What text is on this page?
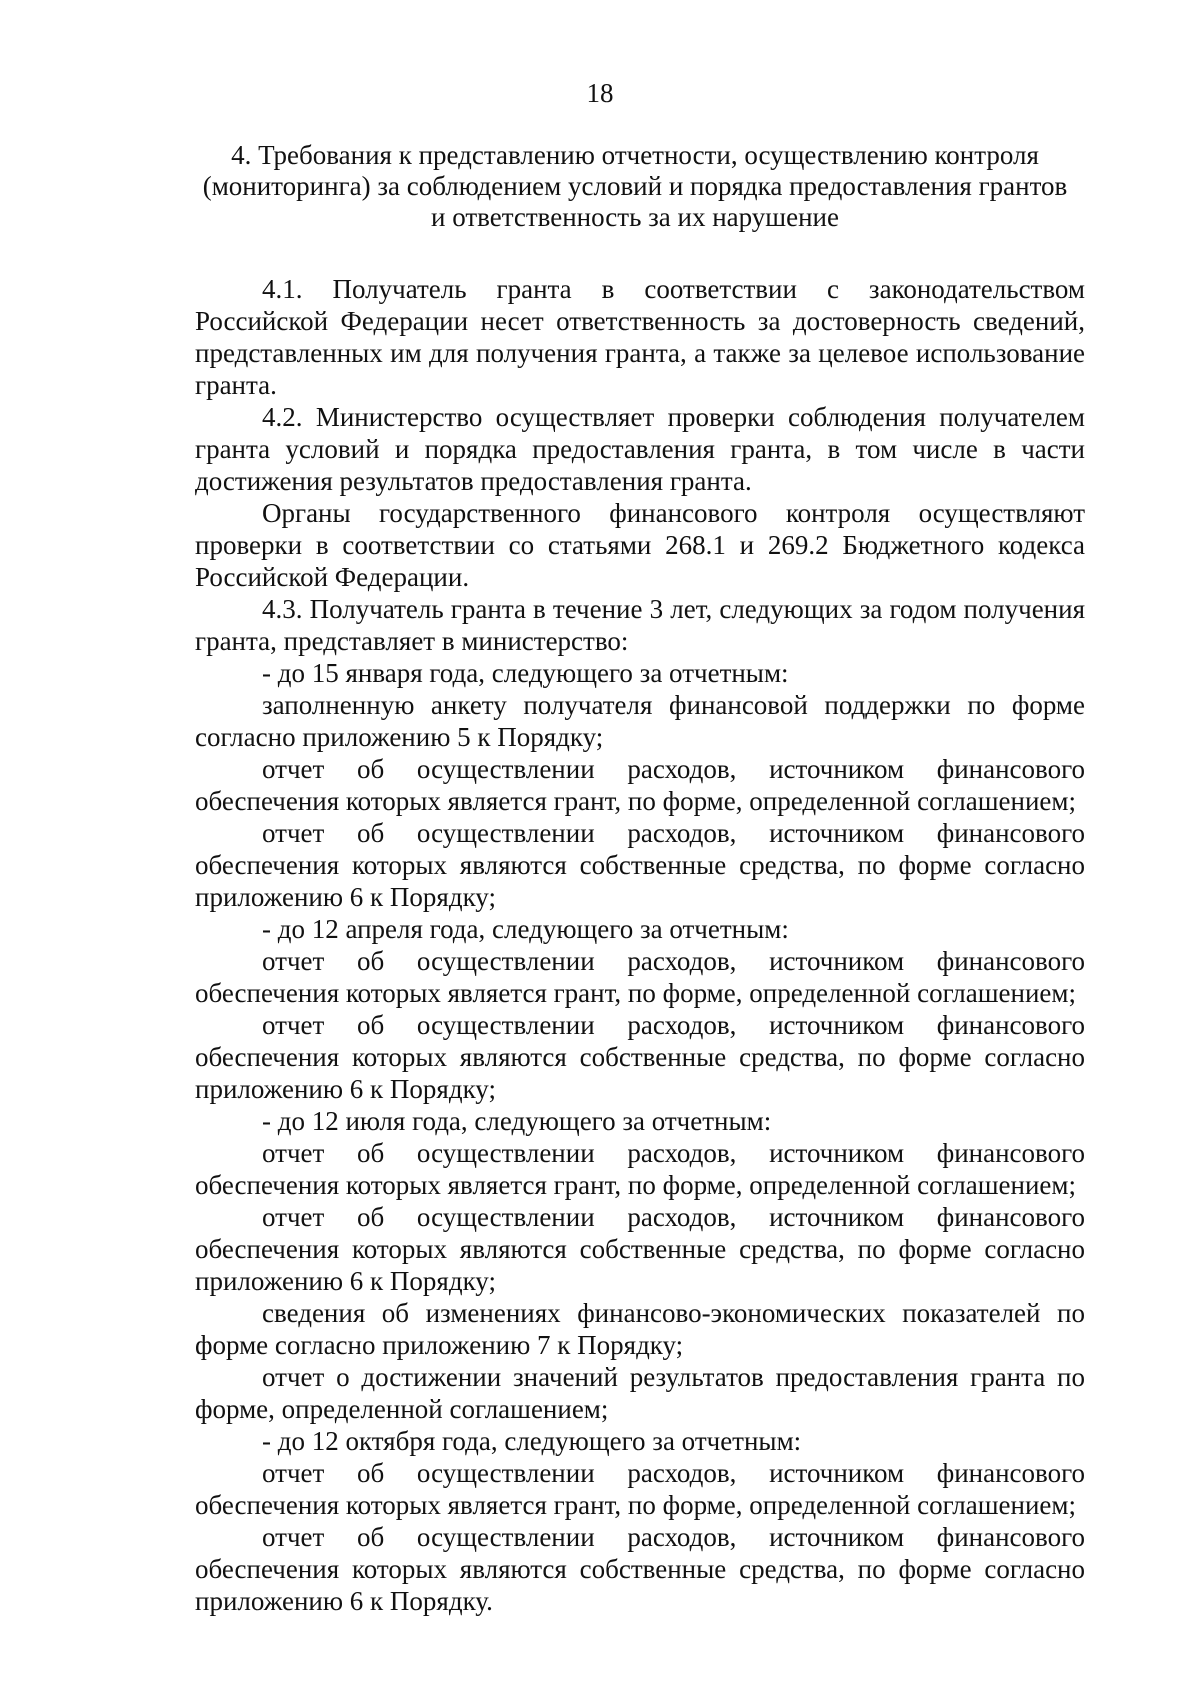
18
4. Требования к представлению отчетности, осуществлению контроля
(мониторинга) за соблюдением условий и порядка предоставления грантов
и ответственность за их нарушение

4.1. Получатель гранта в соответствии с законодательством Российской Федерации несет ответственность за достоверность сведений, представленных им для получения гранта, а также за целевое использование гранта.

4.2. Министерство осуществляет проверки соблюдения получателем гранта условий и порядка предоставления гранта, в том числе в части достижения результатов предоставления гранта.

Органы государственного финансового контроля осуществляют проверки в соответствии со статьями 268.1 и 269.2 Бюджетного кодекса Российской Федерации.

4.3. Получатель гранта в течение 3 лет, следующих за годом получения гранта, представляет в министерство:

- до 15 января года, следующего за отчетным:

заполненную анкету получателя финансовой поддержки по форме согласно приложению 5 к Порядку;

отчет об осуществлении расходов, источником финансового обеспечения которых является грант, по форме, определенной соглашением;

отчет об осуществлении расходов, источником финансового обеспечения которых являются собственные средства, по форме согласно приложению 6 к Порядку;

- до 12 апреля года, следующего за отчетным:

отчет об осуществлении расходов, источником финансового обеспечения которых является грант, по форме, определенной соглашением;

отчет об осуществлении расходов, источником финансового обеспечения которых являются собственные средства, по форме согласно приложению 6 к Порядку;

- до 12 июля года, следующего за отчетным:

отчет об осуществлении расходов, источником финансового обеспечения которых является грант, по форме, определенной соглашением;

отчет об осуществлении расходов, источником финансового обеспечения которых являются собственные средства, по форме согласно приложению 6 к Порядку;

сведения об изменениях финансово-экономических показателей по форме согласно приложению 7 к Порядку;

отчет о достижении значений результатов предоставления гранта по форме, определенной соглашением;

- до 12 октября года, следующего за отчетным:

отчет об осуществлении расходов, источником финансового обеспечения которых является грант, по форме, определенной соглашением;

отчет об осуществлении расходов, источником финансового обеспечения которых являются собственные средства, по форме согласно приложению 6 к Порядку.
